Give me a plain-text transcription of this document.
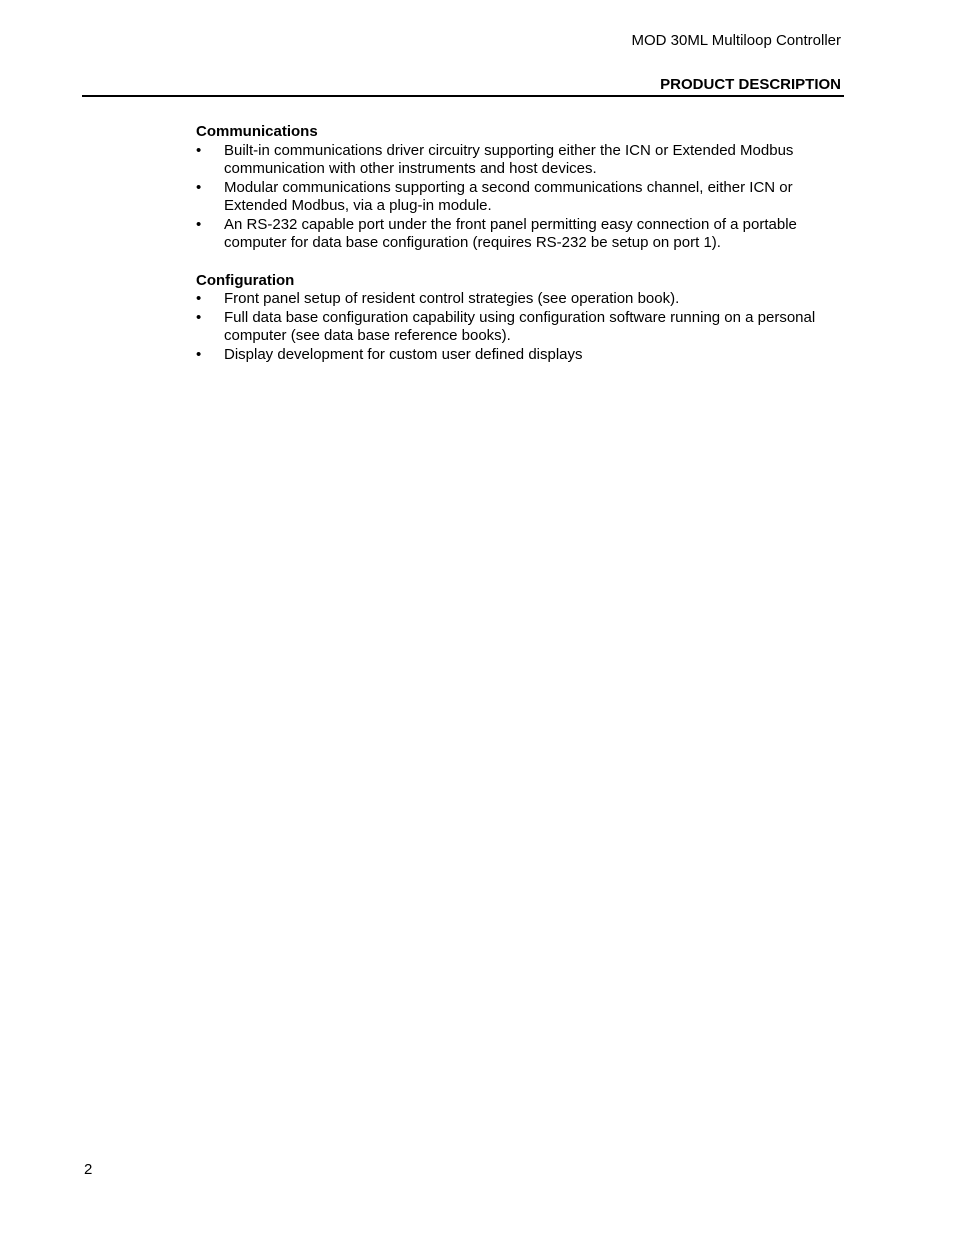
MOD 30ML Multiloop Controller
PRODUCT DESCRIPTION

Communications

•	Built-in communications driver circuitry supporting either the ICN or Extended Modbus communication with other instruments and host devices.
•	Modular communications supporting a second communications channel, either ICN or Extended Modbus, via a plug-in module.
•	An RS-232 capable port under the front panel permitting easy connection of a portable computer for data base configuration (requires RS-232 be setup on port 1).

Configuration

•	Front panel setup of resident control strategies (see operation book).
•	Full data base configuration capability using configuration software running on a personal computer (see data base reference books).
•	Display development for custom user defined displays
2
